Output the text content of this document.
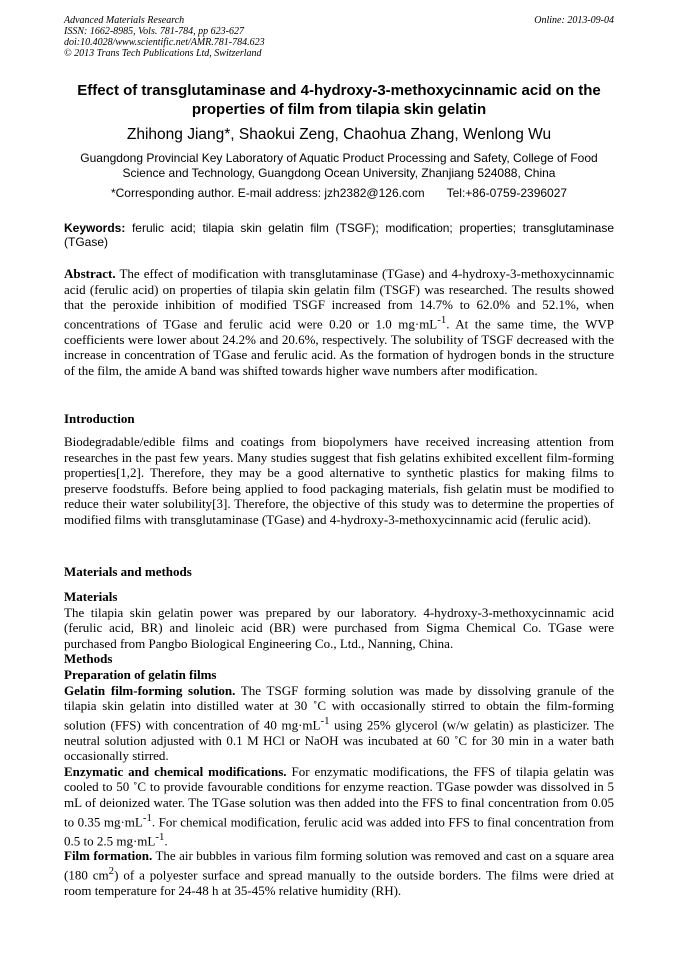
Advanced Materials Research
ISSN: 1662-8985, Vols. 781-784, pp 623-627
doi:10.4028/www.scientific.net/AMR.781-784.623
© 2013 Trans Tech Publications Ltd, Switzerland
Online: 2013-09-04
Effect of transglutaminase and 4-hydroxy-3-methoxycinnamic acid on the properties of film from tilapia skin gelatin
Zhihong Jiang*, Shaokui Zeng, Chaohua Zhang, Wenlong Wu
Guangdong Provincial Key Laboratory of Aquatic Product Processing and Safety, College of Food Science and Technology, Guangdong Ocean University, Zhanjiang 524088, China
*Corresponding author. E-mail address: jzh2382@126.com Tel:+86-0759-2396027
Keywords: ferulic acid; tilapia skin gelatin film (TSGF); modification; properties; transglutaminase (TGase)
Abstract. The effect of modification with transglutaminase (TGase) and 4-hydroxy-3-methoxycinnamic acid (ferulic acid) on properties of tilapia skin gelatin film (TSGF) was researched. The results showed that the peroxide inhibition of modified TSGF increased from 14.7% to 62.0% and 52.1%, when concentrations of TGase and ferulic acid were 0.20 or 1.0 $mg\cdot mL^{-1}$. At the same time, the WVP coefficients were lower about 24.2% and 20.6%, respectively. The solubility of TSGF decreased with the increase in concentration of TGase and ferulic acid. As the formation of hydrogen bonds in the structure of the film, the amide A band was shifted towards higher wave numbers after modification.
Introduction
Biodegradable/edible films and coatings from biopolymers have received increasing attention from researches in the past few years. Many studies suggest that fish gelatins exhibited excellent film-forming properties[1,2]. Therefore, they may be a good alternative to synthetic plastics for making films to preserve foodstuffs. Before being applied to food packaging materials, fish gelatin must be modified to reduce their water solubility[3]. Therefore, the objective of this study was to determine the properties of modified films with transglutaminase (TGase) and 4-hydroxy-3-methoxycinnamic acid (ferulic acid).
Materials and methods

Materials

The tilapia skin gelatin power was prepared by our laboratory. 4-hydroxy-3-methoxycinnamic acid (ferulic acid, BR) and linoleic acid (BR) were purchased from Sigma Chemical Co. TGase were purchased from Pangbo Biological Engineering Co., Ltd., Nanning, China.

Methods

Preparation of gelatin films

Gelatin film-forming solution. The TSGF forming solution was made by dissolving granule of the tilapia skin gelatin into distilled water at 30 ˚C with occasionally stirred to obtain the film-forming solution (FFS) with concentration of 40 $mg\cdot mL^{-1}$ using 25% glycerol (w/w gelatin) as plasticizer. The neutral solution adjusted with 0.1 M HCl or NaOH was incubated at 60 ˚C for 30 min in a water bath occasionally stirred.

Enzymatic and chemical modifications. For enzymatic modifications, the FFS of tilapia gelatin was cooled to 50 ˚C to provide favourable conditions for enzyme reaction. TGase powder was dissolved in 5 mL of deionized water. The TGase solution was then added into the FFS to final concentration from 0.05 to 0.35 $mg\cdot mL^{-1}$. For chemical modification, ferulic acid was added into FFS to final concentration from 0.5 to 2.5 $mg\cdot mL^{-1}$.

Film formation. The air bubbles in various film forming solution was removed and cast on a square area (180 $cm^2$) of a polyester surface and spread manually to the outside borders. The films were dried at room temperature for 24-48 h at 35-45% relative humidity (RH).
